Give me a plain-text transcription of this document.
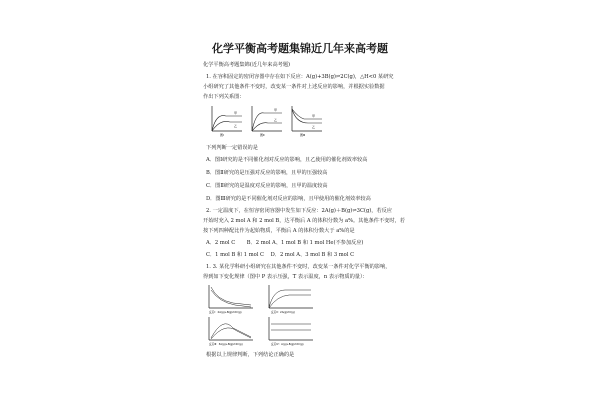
化学平衡高考题集锦近几年来高考题
化学平衡高考题集锦(近几年来高考题)
1. 在容积固定的密闭容器中存在如下反应：A(g)+3B(g)⇌2C(g)，△H<0 某研究
小组研究了其他条件不变时，改变某一条件对上述反应的影响，并根据实验数据
作出下列关系图：
甲
乙
图Ⅰ
甲
乙
图Ⅱ
甲
乙
图Ⅲ
下列判断一定错误的是
A．图Ⅰ研究的是不同催化剂对反应的影响，且乙使用的催化剂效率较高
B．图Ⅱ研究的是压强对反应的影响，且甲的压强较高
C．图Ⅱ研究的是温度对反应的影响，且甲的温度较高
D．图Ⅲ研究的是不同催化剂对反应的影响，且甲使用的催化剂效率较高
2. 一定温度下，在恒容密闭容器中发生如下反应：2A(g)＋B(g)⇌3C(g)，若反应
开始时充入 2 mol A 和 2 mol B，达平衡后 A 的体积分数为 a%。其他条件不变时，若
按下列四种配比作为起始物质，平衡后 A 的体积分数大于 a%的是
A．2 mol C B．2 mol A、1 mol B 和 1 mol He(不参加反应)
C．1 mol B 和 1 mol C D．2 mol A、3 mol B 和 3 mol C
1. 3. 某化学科研小组研究在其他条件不变时，改变某一条件对化学平衡的影响，
得到如下变化规律（图中 P 表示压强，T 表示温度，n 表示物质的量）：
反应Ⅰ：2A(g)+B(g)⇌2C(g)	反应Ⅱ：2A(g)⇌C(g)
反应Ⅲ：3A(g)+B(g)⇌2C(g)	反应Ⅳ：A(g)+B(g)⇌2C(g)
根据以上规律判断，下列结论正确的是
